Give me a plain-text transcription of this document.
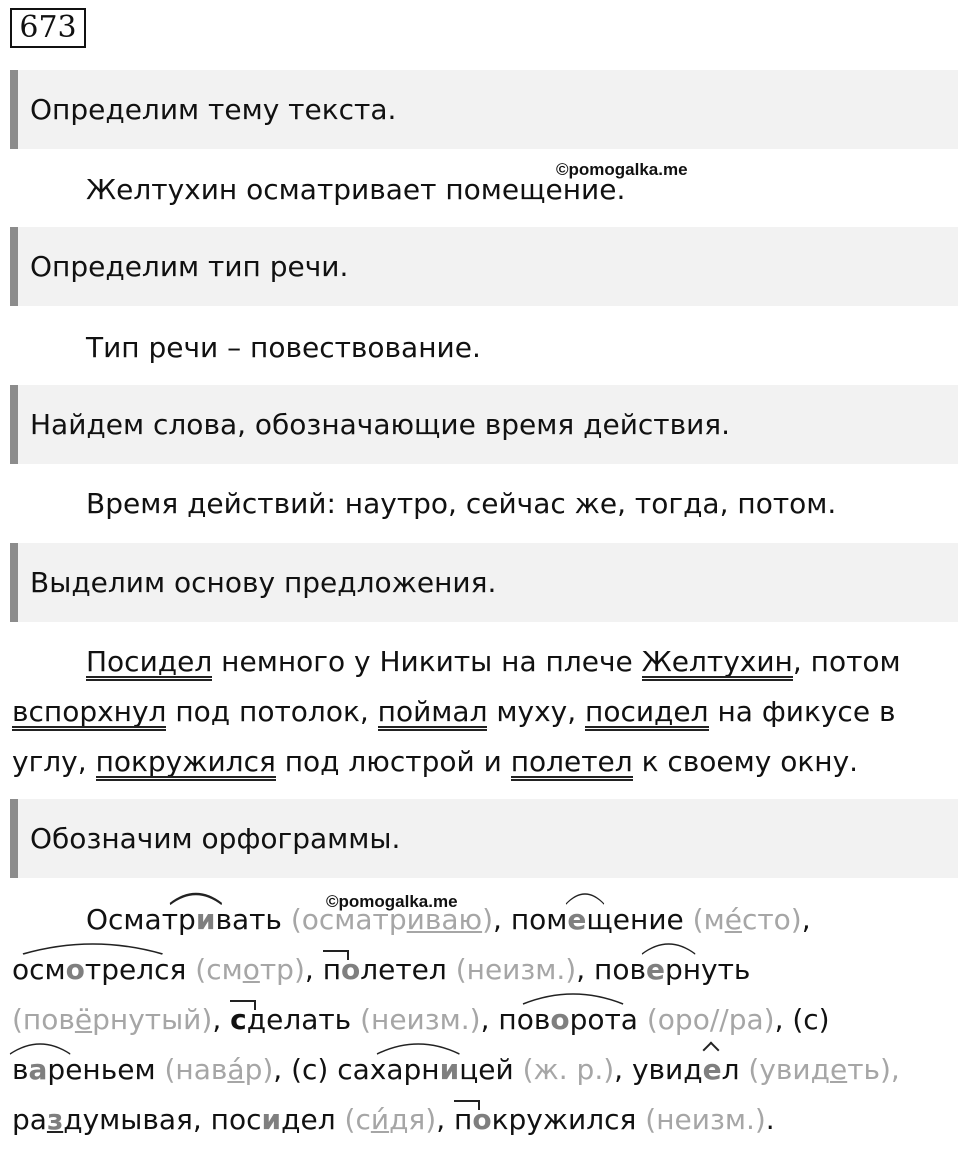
673
Определим тему текста.
©pomogalka.me
Желтухин осматривает помещение.
Определим тип речи.
Тип речи – повествование.
Найдем слова, обозначающие время действия.
Время действий: наутро, сейчас же, тогда, потом.
Выделим основу предложения.
Посидел немного у Никиты на плече Желтухин, потом
вспорхнул под потолок, поймал муху, посидел на фикусе в
углу, покружился под люстрой и полетел к своему окну.
Обозначим орфограммы.
©pomogalka.me
Осматривать (осматриваю), пом
ещение (ме́сто),
осмотрелся (смотр), полетел (неизм.), пов
ернуть
(повёрнутый), сделать (неизм.), пов
орота (оро//ра), (с)
вареньем (нава́р), (с) сахарн
ицей (ж. р.), увидел (увидеть),
раздумывая, посидел (си́дя), покружился (неизм.).
